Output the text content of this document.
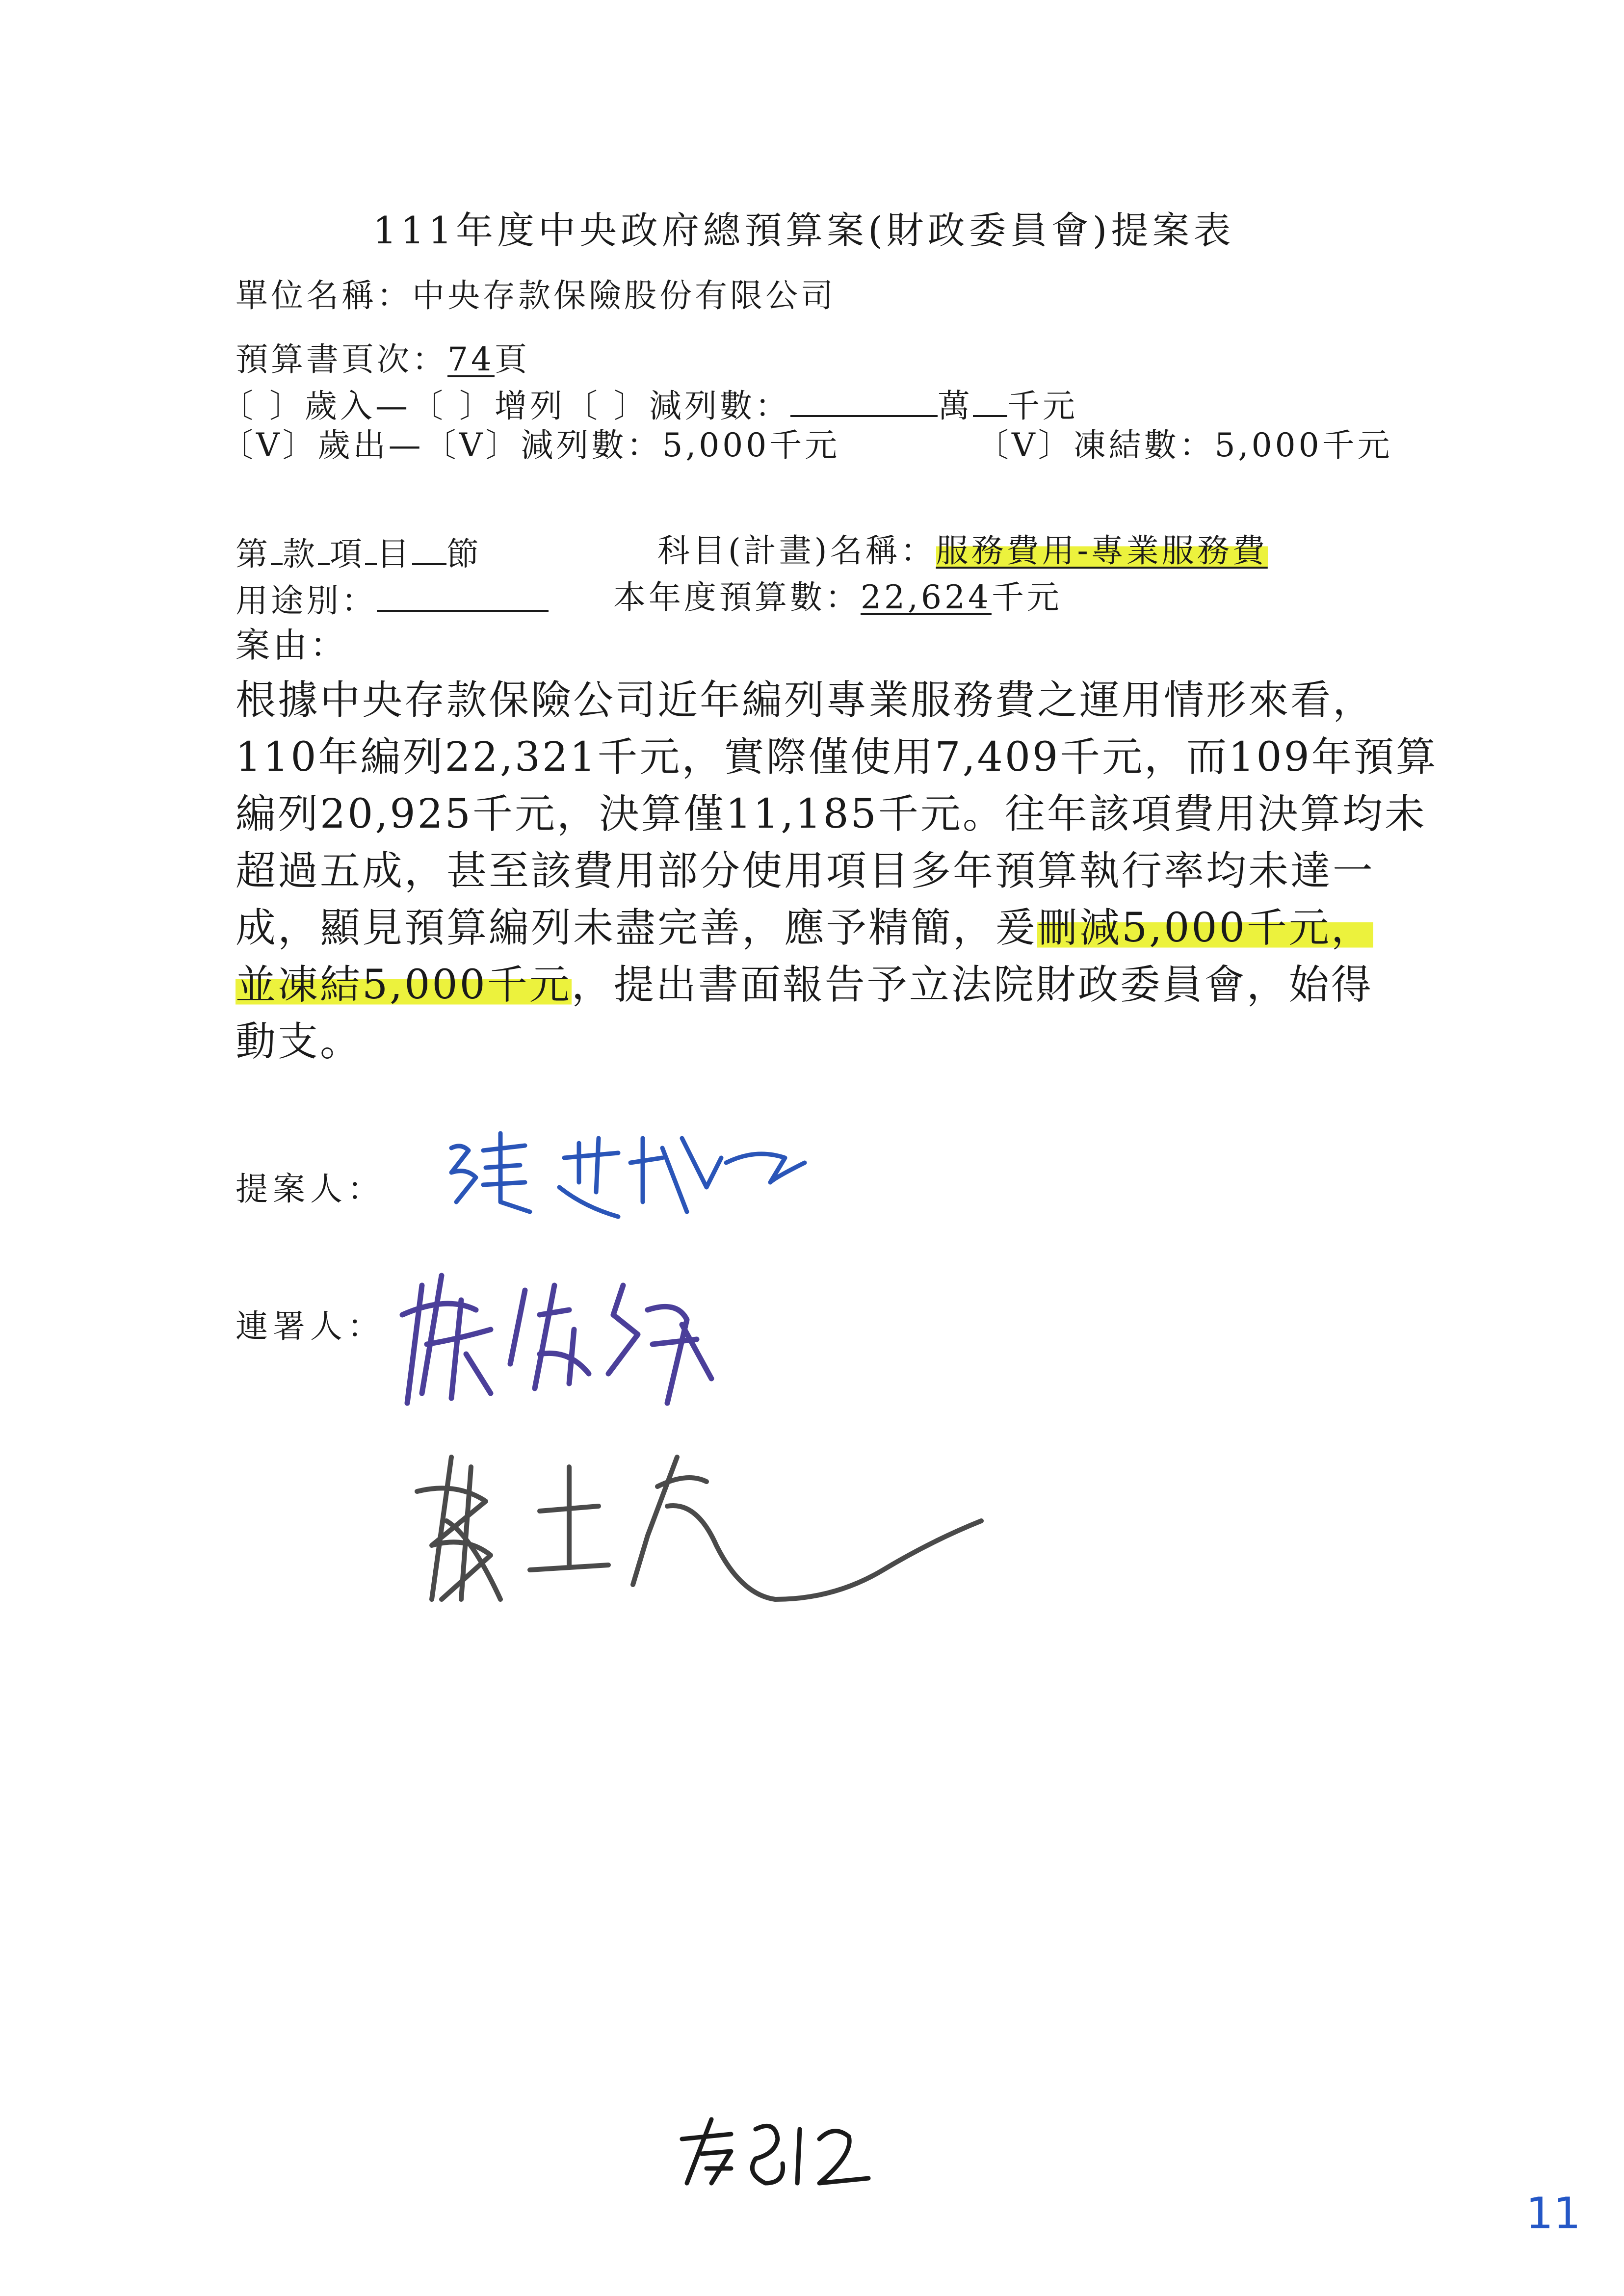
111年度中央政府總預算案(財政委員會)提案表
單位名稱：中央存款保險股份有限公司
預算書頁次：74頁
〔 〕歲入—〔 〕增列〔 〕減列數：	萬 千元
〔V〕歲出—〔V〕減列數：5,000千元	〔V〕凍結數：5,000千元
第 款 項 目 節	科目(計畫)名稱：服務費用-專業服務費
用途別：	本年度預算數：22,624千元
案由：
根據中央存款保險公司近年編列專業服務費之運用情形來看，
110年編列22,321千元，實際僅使用7,409千元，而109年預算
編列20,925千元，決算僅11,185千元。往年該項費用決算均未
超過五成，甚至該費用部分使用項目多年預算執行率均未達一
成，顯見預算編列未盡完善，應予精簡，爰刪減5,000千元，
並凍結5,000千元，提出書面報告予立法院財政委員會，始得
動支。
提案人：
連署人：
11
